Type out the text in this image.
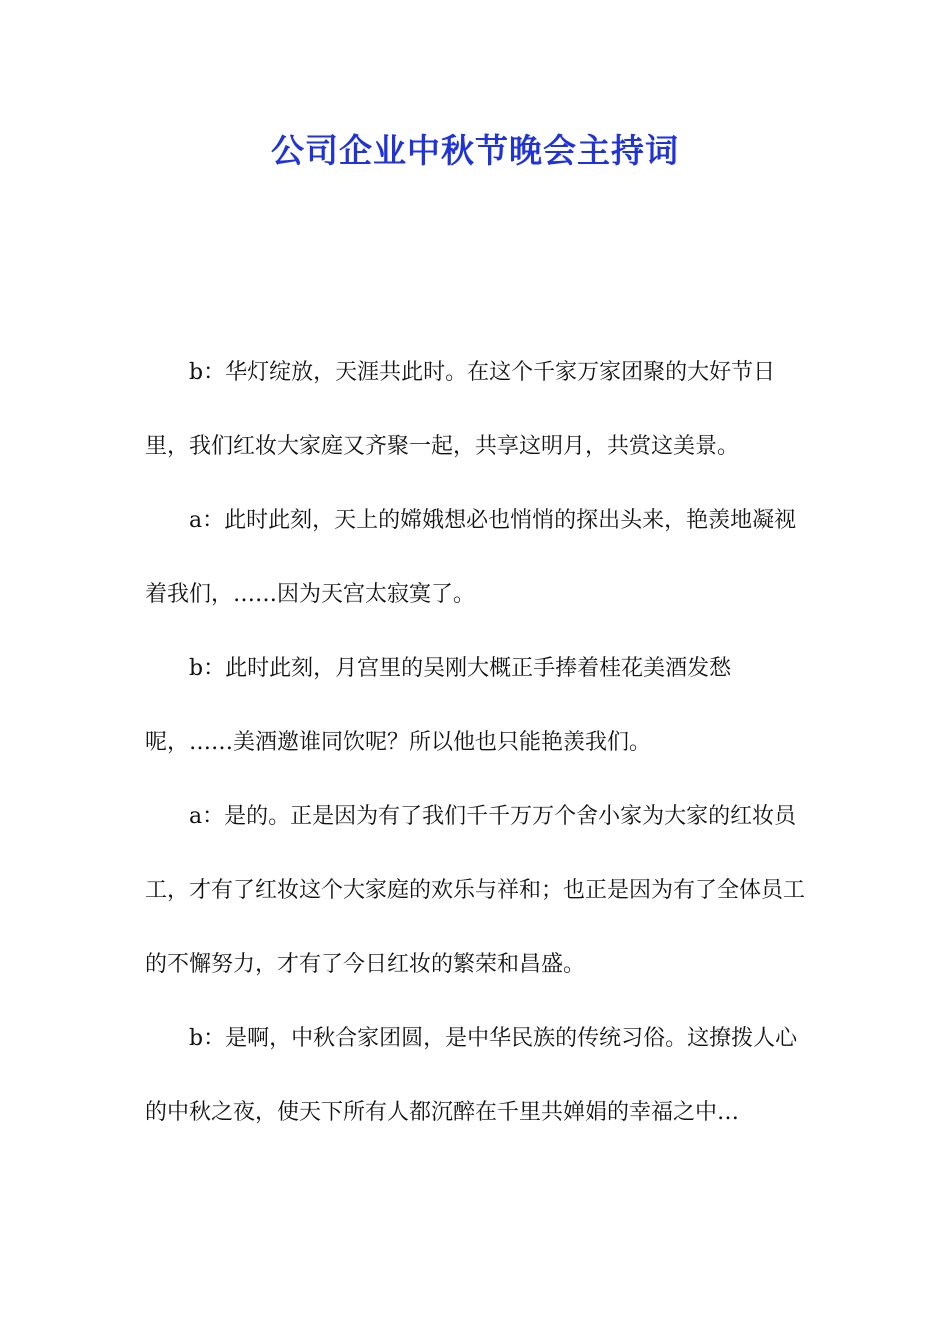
公司企业中秋节晚会主持词

b：华灯绽放，天涯共此时。在这个千家万家团聚的大好节日里，我们红妆大家庭又齐聚一起，共享这明月，共赏这美景。

a：此时此刻，天上的嫦娥想必也悄悄的探出头来，艳羡地凝视着我们，……因为天宫太寂寞了。

b：此时此刻，月宫里的吴刚大概正手捧着桂花美酒发愁呢，……美酒邀谁同饮呢？所以他也只能艳羡我们。

a：是的。正是因为有了我们千千万万个舍小家为大家的红妆员工，才有了红妆这个大家庭的欢乐与祥和；也正是因为有了全体员工的不懈努力，才有了今日红妆的繁荣和昌盛。

b：是啊，中秋合家团圆，是中华民族的传统习俗。这撩拨人心的中秋之夜，使天下所有人都沉醉在千里共婵娟的幸福之中…
